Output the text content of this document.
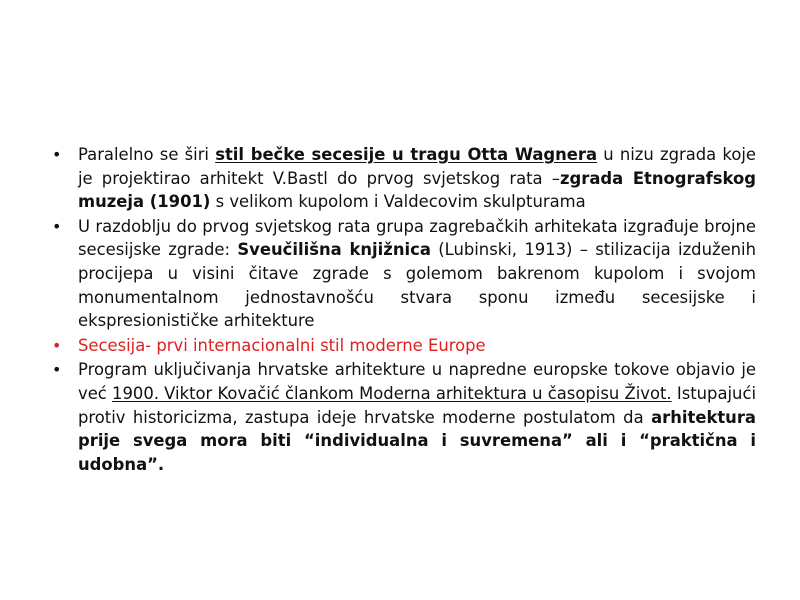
• Paralelno se širi stil bečke secesije u tragu Otta Wagnera u nizu zgrada koje je projektirao arhitekt V.Bastl do prvog svjetskog rata –zgrada Etnografskog muzeja (1901) s velikom kupolom i Valdecovim skulpturama
• U razdoblju do prvog svjetskog rata grupa zagrebačkih arhitekata izgrađuje brojne secesijske zgrade: Sveučilišna knjižnica (Lubinski, 1913) – stilizacija izduženih procijepa u visini čitave zgrade s golemom bakrenom kupolom i svojom monumentalnom jednostavnošću stvara sponu između secesijske i ekspresionističke arhitekture
• Secesija- prvi internacionalni stil moderne Europe
• Program uključivanja hrvatske arhitekture u napredne europske tokove objavio je već 1900. Viktor Kovačić člankom Moderna arhitektura u časopisu Život. Istupajući protiv historicizma, zastupa ideje hrvatske moderne postulatom da arhitektura prije svega mora biti “individualna i suvremena” ali i “praktična i udobna”.
